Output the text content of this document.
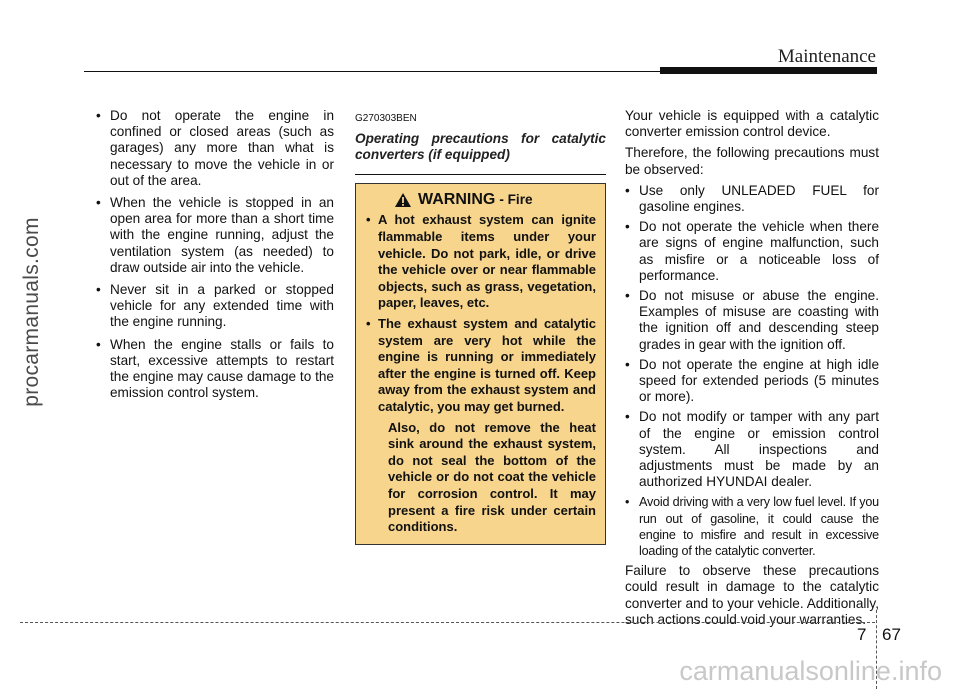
Maintenance
procarmanuals.com
• Do not operate the engine in confined or closed areas (such as garages) any more than what is necessary to move the vehicle in or out of the area.
• When the vehicle is stopped in an open area for more than a short time with the engine running, adjust the ventilation system (as needed) to draw outside air into the vehicle.
• Never sit in a parked or stopped vehicle for any extended time with the engine running.
• When the engine stalls or fails to start, excessive attempts to restart the engine may cause damage to the emission control system.
G270303BEN
Operating precautions for catalytic converters (if equipped)
WARNING - Fire
• A hot exhaust system can ignite flammable items under your vehicle. Do not park, idle, or drive the vehicle over or near flammable objects, such as grass, vegetation, paper, leaves, etc.
• The exhaust system and catalytic system are very hot while the engine is running or immediately after the engine is turned off. Keep away from the exhaust system and catalytic, you may get burned.
Also, do not remove the heat sink around the exhaust system, do not seal the bottom of the vehicle or do not coat the vehicle for corrosion control. It may present a fire risk under certain conditions.

Your vehicle is equipped with a catalytic converter emission control device.

Therefore, the following precautions must be observed:

• Use only UNLEADED FUEL for gasoline engines.
• Do not operate the vehicle when there are signs of engine malfunction, such as misfire or a noticeable loss of performance.
• Do not misuse or abuse the engine. Examples of misuse are coasting with the ignition off and descending steep grades in gear with the ignition off.
• Do not operate the engine at high idle speed for extended periods (5 minutes or more).
• Do not modify or tamper with any part of the engine or emission control system. All inspections and adjustments must be made by an authorized HYUNDAI dealer.
• Avoid driving with a very low fuel level. If you run out of gasoline, it could cause the engine to misfire and result in excessive loading of the catalytic converter.

Failure to observe these precautions could result in damage to the catalytic converter and to your vehicle. Additionally, such actions could void your warranties.

7 67
carmanualsonline.info
